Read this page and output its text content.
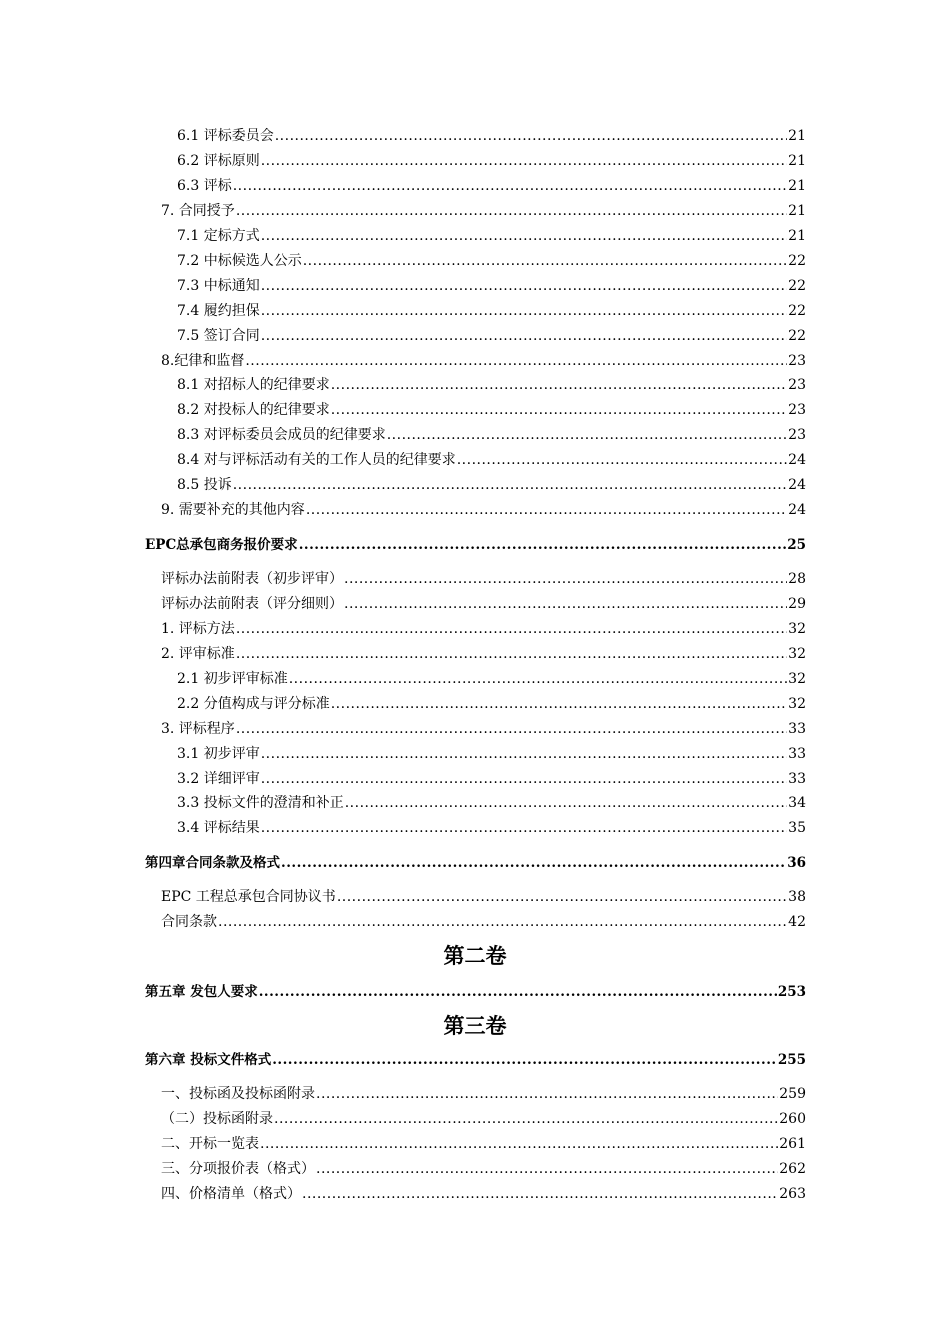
第二卷
第三卷
6.1 评标委员会 .....	21
6.2 评标原则 .....	21
6.3 评标 .....	21
7. 合同授予 .....	21
7.1 定标方式 .....	21
7.2 中标候选人公示 .....	22
7.3 中标通知 .....	22
7.4 履约担保 .....	22
7.5 签订合同 .....	22
8.纪律和监督 .....	23
8.1 对招标人的纪律要求 .....	23
8.2 对投标人的纪律要求 .....	23
8.3 对评标委员会成员的纪律要求 .....	23
8.4 对与评标活动有关的工作人员的纪律要求 .....	24
8.5 投诉 .....	24
9. 需要补充的其他内容 .....	24
EPC总承包商务报价要求 .....	25
评标办法前附表（初步评审） .....	28
评标办法前附表（评分细则） .....	29
1. 评标方法 .....	32
2. 评审标准 .....	32
2.1 初步评审标准 .....	32
2.2 分值构成与评分标准 .....	32
3. 评标程序 .....	33
3.1 初步评审 .....	33
3.2 详细评审 .....	33
3.3 投标文件的澄清和补正 .....	34
3.4 评标结果 .....	35
第四章合同条款及格式 .....	36
EPC 工程总承包合同协议书 .....	38
合同条款 .....	42
第五章 发包人要求 .....	253
第六章 投标文件格式 .....	255
一、投标函及投标函附录 .....	259
（二）投标函附录 .....	260
二、开标一览表 .....	261
三、分项报价表（格式） .....	262
四、价格清单（格式） .....	263
